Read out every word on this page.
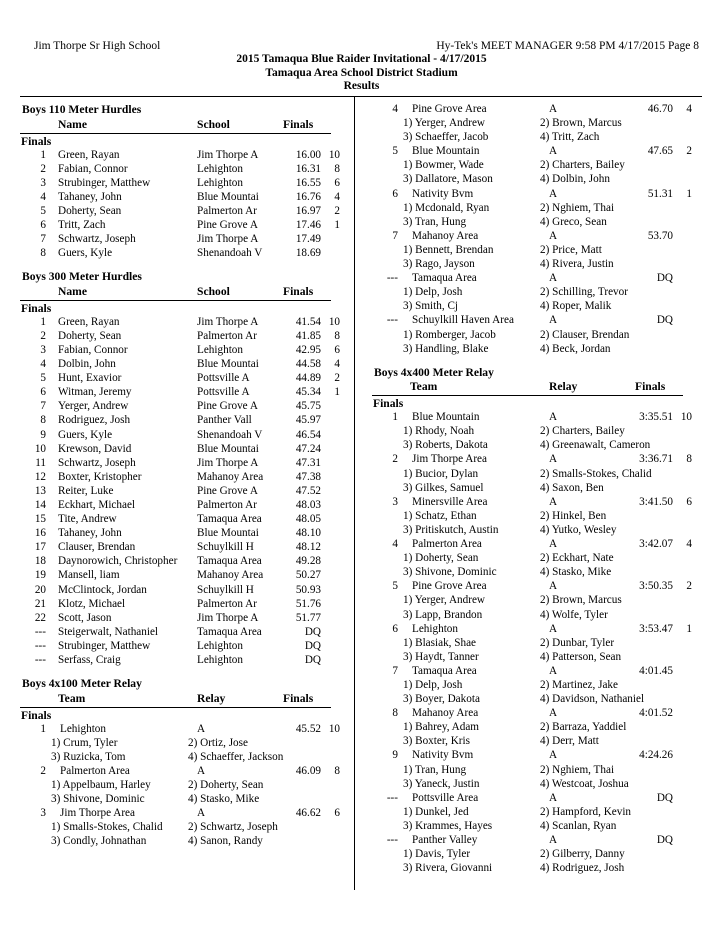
Jim Thorpe Sr High School	Hy-Tek's MEET MANAGER 9:58 PM 4/17/2015 Page 8
2015 Tamaqua Blue Raider Invitational - 4/17/2015
Tamaqua Area School District Stadium
Results
Boys 110 Meter Hurdles
Name	School	Finals
Finals
1 Green, Rayan	Jim Thorpe A	16.00 10
2 Fabian, Connor	Lehighton	16.31	8
3 Strubinger, Matthew	Lehighton	16.55	6
4 Tahaney, John	Blue Mountai	16.76	4
5 Doherty, Sean	Palmerton Ar	16.97	2
6 Tritt, Zach	Pine Grove A	17.46	1
7 Schwartz, Joseph	Jim Thorpe A	17.49
8 Guers, Kyle	Shenandoah V	18.69
Boys 300 Meter Hurdles
Name	School	Finals
Finals
1 Green, Rayan	Jim Thorpe A	41.54 10
2 Doherty, Sean	Palmerton Ar	41.85	8
3 Fabian, Connor	Lehighton	42.95	6
4 Dolbin, John	Blue Mountai	44.58	4
5 Hunt, Exavior	Pottsville A	44.89	2
6 Witman, Jeremy	Pottsville A	45.34	1
7 Yerger, Andrew	Pine Grove A	45.75
8 Rodriguez, Josh	Panther Vall	45.97
9 Guers, Kyle	Shenandoah V	46.54
10 Krewson, David	Blue Mountai	47.24
11 Schwartz, Joseph	Jim Thorpe A	47.31
12 Boxter, Kristopher	Mahanoy Area	47.38
13 Reiter, Luke	Pine Grove A	47.52
14 Eckhart, Michael	Palmerton Ar	48.03
15 Tite, Andrew	Tamaqua Area	48.05
16 Tahaney, John	Blue Mountai	48.10
17 Clauser, Brendan	Schuylkill H	48.12
18 Daynorowich, Christopher Tamaqua Area	49.28
19 Mansell, liam	Mahanoy Area	50.27
20 McClintock, Jordan	Schuylkill H	50.93
21 Klotz, Michael	Palmerton Ar	51.76
22 Scott, Jason	Jim Thorpe A	51.77
--- Steigerwalt, Nathaniel	Tamaqua Area	DQ
--- Strubinger, Matthew	Lehighton	DQ
--- Serfass, Craig	Lehighton	DQ
Boys 4x100 Meter Relay
Team	Relay	Finals
Finals
1 Lehighton	A	45.52 10
1) Crum, Tyler	2) Ortiz, Jose
3) Ruzicka, Tom	4) Schaeffer, Jackson
2 Palmerton Area	A	46.09	8
1) Appelbaum, Harley	2) Doherty, Sean
3) Shivone, Dominic	4) Stasko, Mike
3 Jim Thorpe Area	A	46.62	6
1) Smalls-Stokes, Chalid 2) Schwartz, Joseph
3) Condly, Johnathan	4) Sanon, Randy
4 Pine Grove Area	A	46.70	4
1) Yerger, Andrew	2) Brown, Marcus
3) Schaeffer, Jacob	4) Tritt, Zach
5 Blue Mountain	A	47.65	2
1) Bowmer, Wade	2) Charters, Bailey
3) Dallatore, Mason	4) Dolbin, John
6 Nativity Bvm	A	51.31	1
1) Mcdonald, Ryan	2) Nghiem, Thai
3) Tran, Hung	4) Greco, Sean
7 Mahanoy Area	A	53.70
1) Bennett, Brendan	2) Price, Matt
3) Rago, Jayson	4) Rivera, Justin
--- Tamaqua Area	A	DQ
1) Delp, Josh	2) Schilling, Trevor
3) Smith, Cj	4) Roper, Malik
--- Schuylkill Haven Area	A	DQ
1) Romberger, Jacob	2) Clauser, Brendan
3) Handling, Blake	4) Beck, Jordan
Boys 4x400 Meter Relay
Team	Relay	Finals
Finals
1 Blue Mountain	A	3:35.51 10
1) Rhody, Noah	2) Charters, Bailey
3) Roberts, Dakota	4) Greenawalt, Cameron
2 Jim Thorpe Area	A	3:36.71	8
1) Bucior, Dylan	2) Smalls-Stokes, Chalid
3) Gilkes, Samuel	4) Saxon, Ben
3 Minersville Area	A	3:41.50	6
1) Schatz, Ethan	2) Hinkel, Ben
3) Pritiskutch, Austin	4) Yutko, Wesley
4 Palmerton Area	A	3:42.07	4
1) Doherty, Sean	2) Eckhart, Nate
3) Shivone, Dominic	4) Stasko, Mike
5 Pine Grove Area	A	3:50.35	2
1) Yerger, Andrew	2) Brown, Marcus
3) Lapp, Brandon	4) Wolfe, Tyler
6 Lehighton	A	3:53.47	1
1) Blasiak, Shae	2) Dunbar, Tyler
3) Haydt, Tanner	4) Patterson, Sean
7 Tamaqua Area	A	4:01.45
1) Delp, Josh	2) Martinez, Jake
3) Boyer, Dakota	4) Davidson, Nathaniel
8 Mahanoy Area	A	4:01.52
1) Bahrey, Adam	2) Barraza, Yaddiel
3) Boxter, Kris	4) Derr, Matt
9 Nativity Bvm	A	4:24.26
1) Tran, Hung	2) Nghiem, Thai
3) Yaneck, Justin	4) Westcoat, Joshua
--- Pottsville Area	A	DQ
1) Dunkel, Jed	2) Hampford, Kevin
3) Krammes, Hayes	4) Scanlan, Ryan
--- Panther Valley	A	DQ
1) Davis, Tyler	2) Gilberry, Danny
3) Rivera, Giovanni	4) Rodriguez, Josh
